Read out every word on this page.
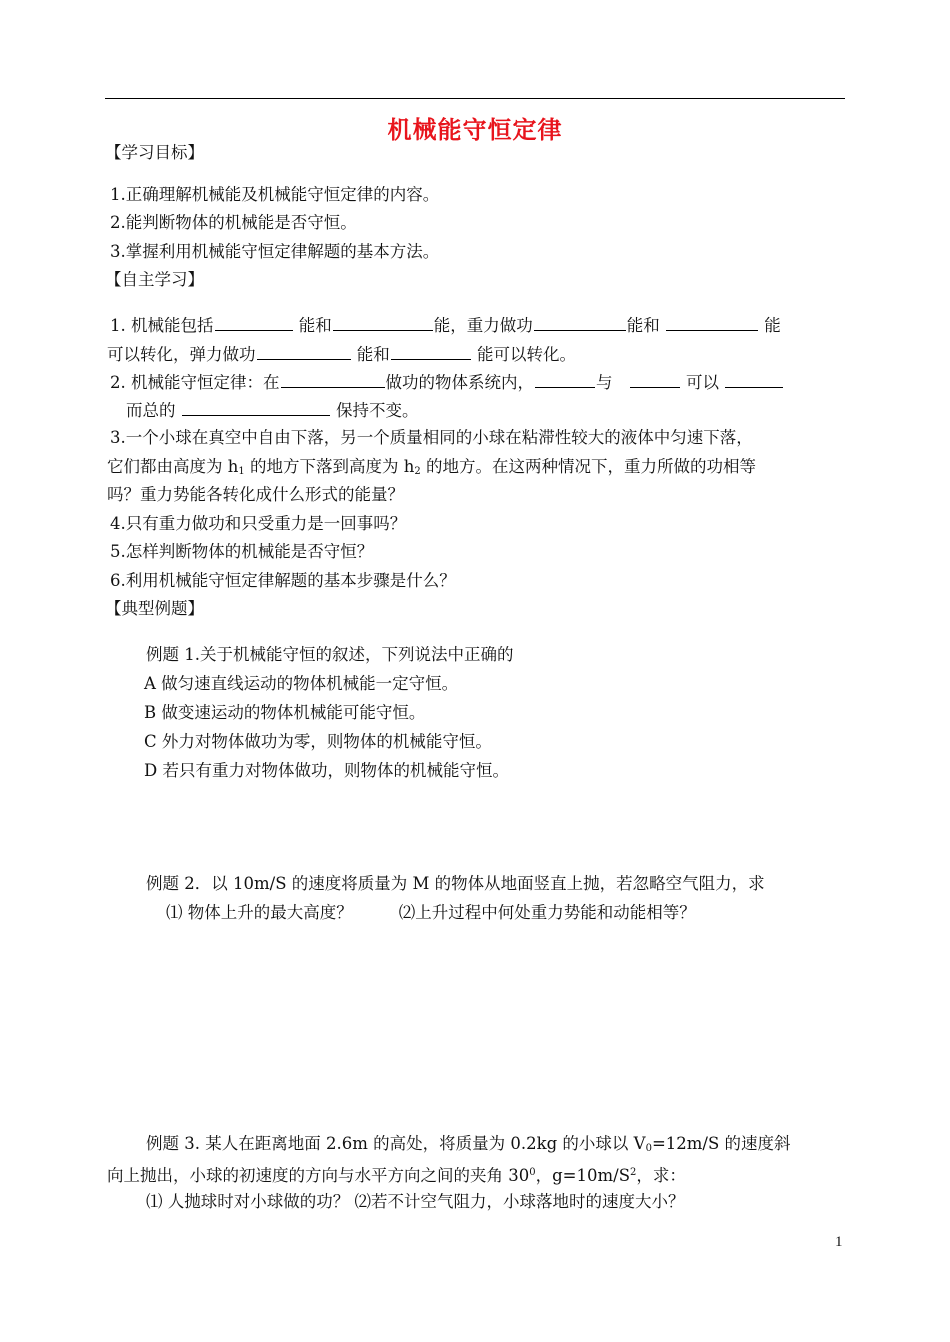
机械能守恒定律
【学习目标】
1.正确理解机械能及机械能守恒定律的内容。
2.能判断物体的机械能是否守恒。
3.掌握利用机械能守恒定律解题的基本方法。
【自主学习】
1. 机械能包括	能和	能，重力做功	能和	能
可以转化，弹力做功	能和	能可以转化。
2. 机械能守恒定律：在	做功的物体系统内，	与	可以
而总的	保持不变。
3.一个小球在真空中自由下落，另一个质量相同的小球在粘滞性较大的液体中匀速下落，
它们都由高度为 $h_1$ 的地方下落到高度为 $h_2$ 的地方。在这两种情况下，重力所做的功相等
吗？重力势能各转化成什么形式的能量？
4.只有重力做功和只受重力是一回事吗？
5.怎样判断物体的机械能是否守恒？
6.利用机械能守恒定律解题的基本步骤是什么？
【典型例题】
例题 1.关于机械能守恒的叙述，下列说法中正确的
A 做匀速直线运动的物体机械能一定守恒。
B 做变速运动的物体机械能可能守恒。
C 外力对物体做功为零，则物体的机械能守恒。
D 若只有重力对物体做功，则物体的机械能守恒。
例题 2．以 10m/S 的速度将质量为 M 的物体从地面竖直上抛，若忽略空气阻力，求
⑴ 物体上升的最大高度？	⑵上升过程中何处重力势能和动能相等？
例题 3. 某人在距离地面 2.6m 的高处，将质量为 0.2kg 的小球以 $V_0=12m/S$ 的速度斜
向上抛出，小球的初速度的方向与水平方向之间的夹角 $30^0$，$g=10m/S^2$，求：
⑴ 人抛球时对小球做的功？ ⑵若不计空气阻力，小球落地时的速度大小？
1
